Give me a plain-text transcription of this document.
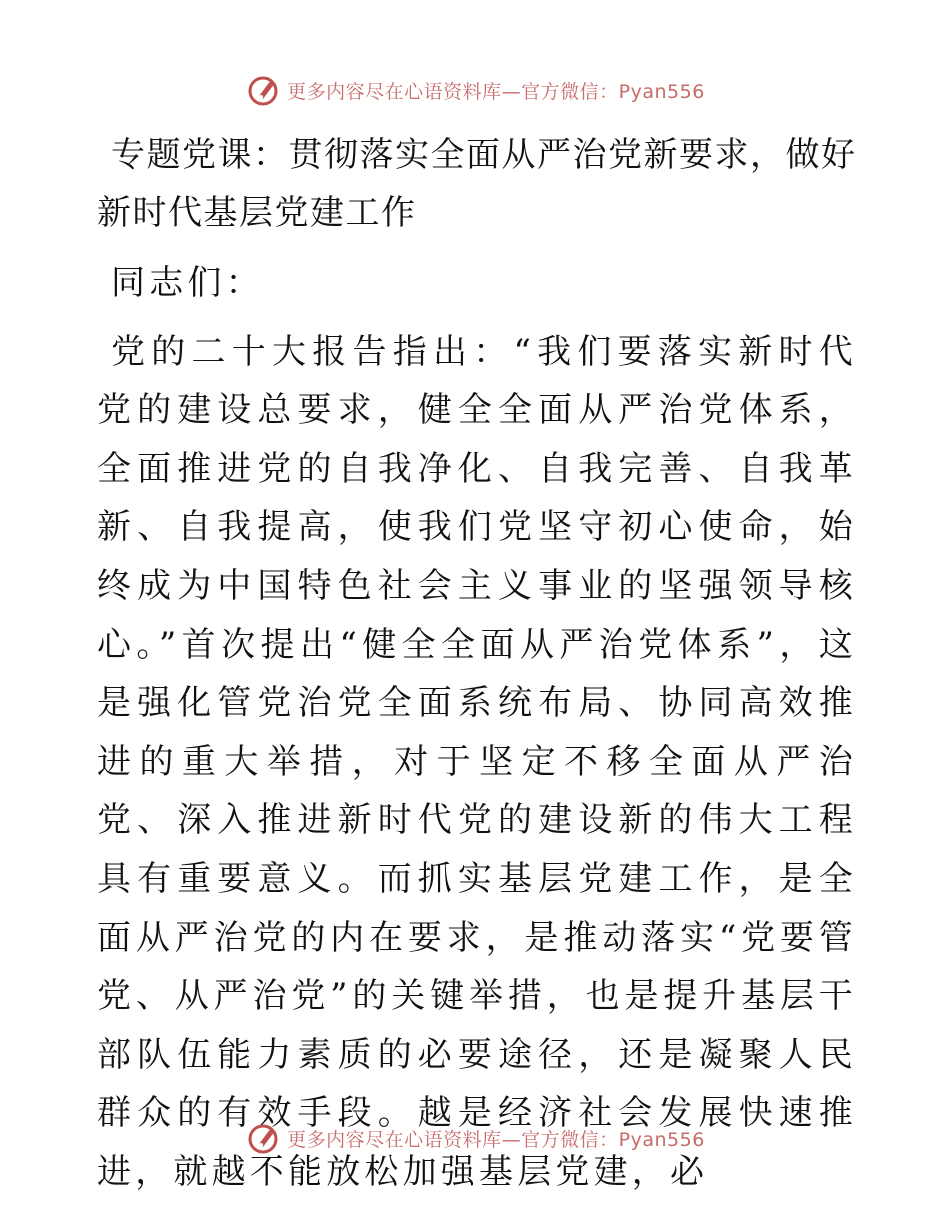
更多内容尽在心语资料库—官方微信：Pyan556
专题党课：贯彻落实全面从严治党新要求，做好新时代基层党建工作

同志们：

党的二十大报告指出：“我们要落实新时代党的建设总要求，健全全面从严治党体系，全面推进党的自我净化、自我完善、自我革新、自我提高，使我们党坚守初心使命，始终成为中国特色社会主义事业的坚强领导核心。”首次提出“健全全面从严治党体系”，这是强化管党治党全面系统布局、协同高效推进的重大举措，对于坚定不移全面从严治党、深入推进新时代党的建设新的伟大工程具有重要意义。而抓实基层党建工作，是全面从严治党的内在要求，是推动落实“党要管党、从严治党”的关键举措，也是提升基层干部队伍能力素质的必要途径，还是凝聚人民群众的有效手段。越是经济社会发展快速推进，就越不能放松加强基层党建，必

更多内容尽在心语资料库—官方微信：Pyan556
